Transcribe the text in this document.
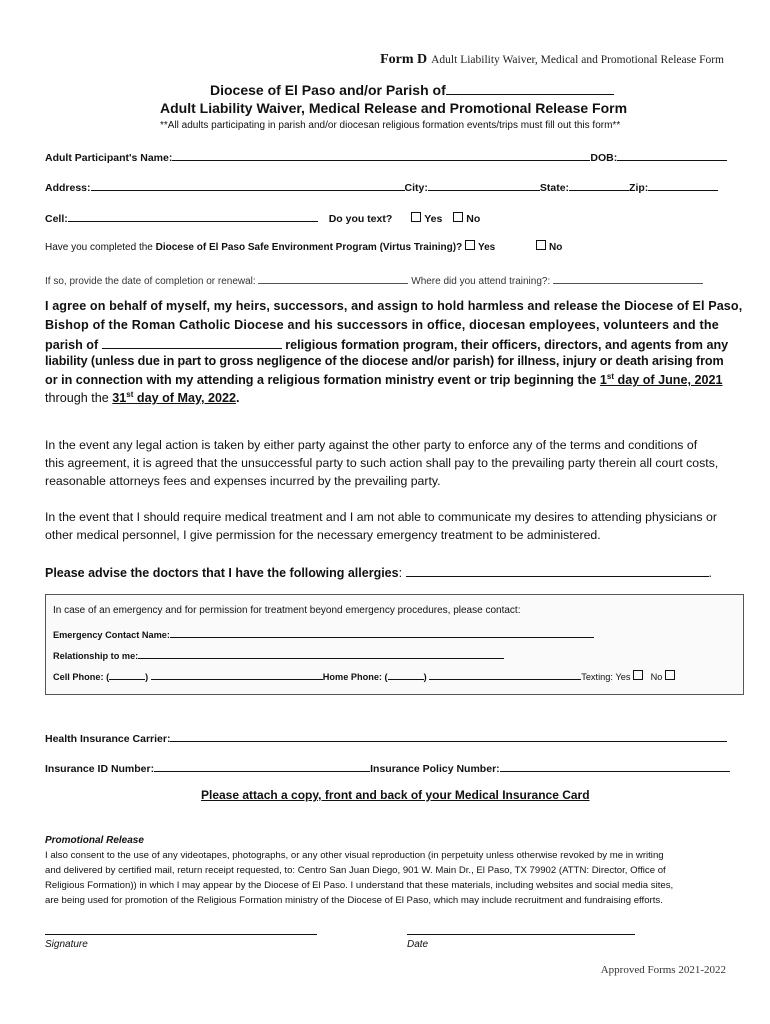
Form D Adult Liability Waiver, Medical and Promotional Release Form
Diocese of El Paso and/or Parish of
Adult Liability Waiver, Medical Release and Promotional Release Form
**All adults participating in parish and/or diocesan religious formation events/trips must fill out this form**
Adult Participant's Name:	DOB:
Address:	City:	State:	Zip:
Cell:	Do you text?	Yes No
Have you completed the Diocese of El Paso Safe Environment Program (Virtus Training)? Yes	No
If so, provide the date of completion or renewal:	Where did you attend training?:
I agree on behalf of myself, my heirs, successors, and assign to hold harmless and release the Diocese of El Paso,
Bishop of the Roman Catholic Diocese and his successors in office, diocesan employees, volunteers and the
parish of	religious formation program, their officers, directors, and agents from any
liability (unless due in part to gross negligence of the diocese and/or parish) for illness, injury or death arising from
or in connection with my attending a religious formation ministry event or trip beginning the 1st day of June, 2021
through the 31st day of May, 2022.
In the event any legal action is taken by either party against the other party to enforce any of the terms and conditions of
this agreement, it is agreed that the unsuccessful party to such action shall pay to the prevailing party therein all court costs,
reasonable attorneys fees and expenses incurred by the prevailing party.
In the event that I should require medical treatment and I am not able to communicate my desires to attending physicians or
other medical personnel, I give permission for the necessary emergency treatment to be administered.
Please advise the doctors that I have the following allergies:	.
In case of an emergency and for permission for treatment beyond emergency procedures, please contact:
Emergency Contact Name:
Relationship to me:
Cell Phone: (	)	Home Phone: (	)	Texting: Yes No
Health Insurance Carrier:
Insurance ID Number:	Insurance Policy Number:
Please attach a copy, front and back of your Medical Insurance Card
Promotional Release
I also consent to the use of any videotapes, photographs, or any other visual reproduction (in perpetuity unless otherwise revoked by me in writing
and delivered by certified mail, return receipt requested, to: Centro San Juan Diego, 901 W. Main Dr., El Paso, TX 79902 (ATTN: Director, Office of
Religious Formation)) in which I may appear by the Diocese of El Paso. I understand that these materials, including websites and social media sites,
are being used for promotion of the Religious Formation ministry of the Diocese of El Paso, which may include recruitment and fundraising efforts.
Signature	Date
Approved Forms 2021-2022
